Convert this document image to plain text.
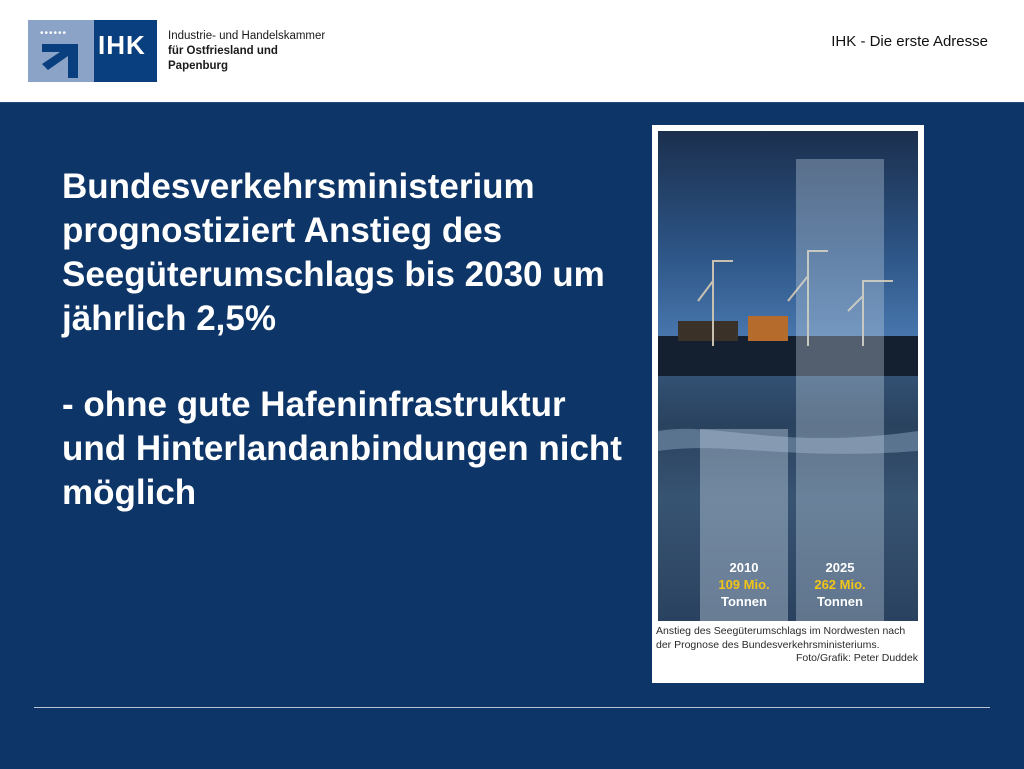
•••••• IHK Industrie- und Handelskammer
für Ostfriesland und Papenburg
IHK - Die erste Adresse

Bundesverkehrsministerium prognostiziert Anstieg des Seegüterumschlags bis 2030 um jährlich 2,5%

- ohne gute Hafeninfrastruktur und Hinterlandanbindungen nicht möglich

2010
109 Mio.
Tonnen
2025
262 Mio.
Tonnen
Anstieg des Seegüterumschlags im Nordwesten nach
der Prognose des Bundesverkehrsministeriums.
Foto/Grafik: Peter Duddek
